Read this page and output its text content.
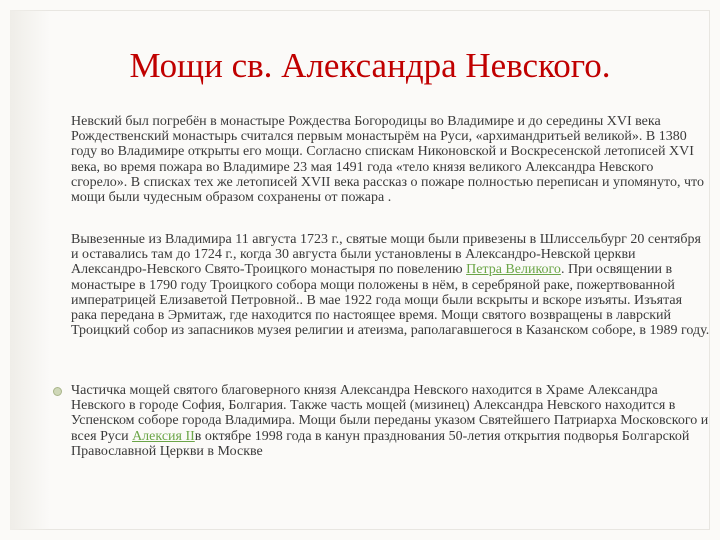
Мощи св. Александра Невского.
Невский был погребён в монастыре Рождества Богородицы во Владимире и до середины XVI века Рождественский монастырь считался первым монастырём на Руси, «архимандритьей великой». В 1380 году во Владимире открыты его мощи. Согласно спискам Никоновской и Воскресенской летописей XVI века, во время пожара во Владимире 23 мая 1491 года «тело князя великого Александра Невского сгорело». В списках тех же летописей XVII века рассказ о пожаре полностью переписан и упомянуто, что мощи были чудесным образом сохранены от пожара .
Вывезенные из Владимира 11 августа 1723 г., святые мощи были привезены в Шлиссельбург 20 сентября и оставались там до 1724 г., когда 30 августа были установлены в Александро-Невской церкви Александро-Невского Свято-Троицкого монастыря по повелению Петра Великого. При освящении в монастыре в 1790 году Троицкого собора мощи положены в нём, в серебряной раке, пожертвованной императрицей Елизаветой Петровной.. В мае 1922 года мощи были вскрыты и вскоре изъяты. Изъятая рака передана в Эрмитаж, где находится по настоящее время. Мощи святого возвращены в лаврский Троицкий собор из запасников музея религии и атеизма, раполагавшегося в Казанском соборе, в 1989 году.
Частичка мощей святого благоверного князя Александра Невского находится в Храме Александра Невского в городе София, Болгария. Также часть мощей (мизинец) Александра Невского находится в Успенском соборе города Владимира. Мощи были переданы указом Святейшего Патриарха Московского и всея Руси Алексия IIв октябре 1998 года в канун празднования 50-летия открытия подворья Болгарской Православной Церкви в Москве
